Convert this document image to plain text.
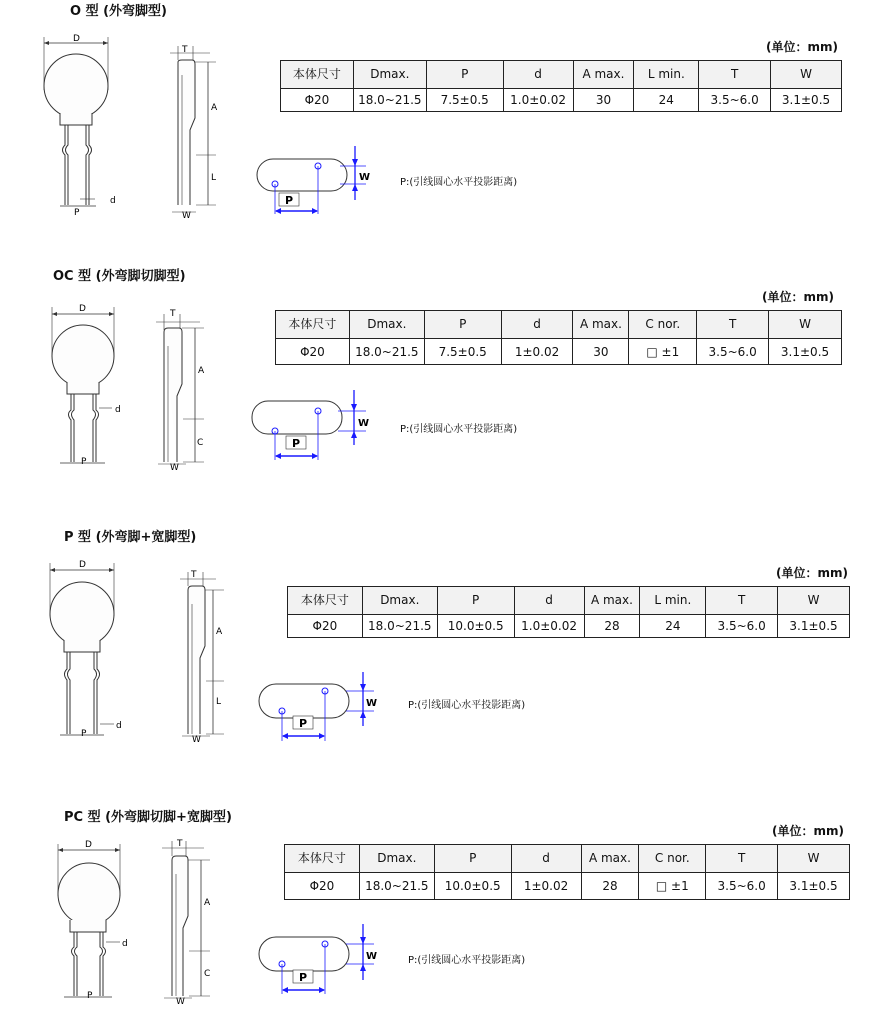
O 型 (外弯脚型)
(单位：mm)
D
P
d
T
A
L
W
P
W
本体尺寸	Dmax.	P	d	A max.	L min.	T	W
Φ20	18.0~21.5	7.5±0.5	1.0±0.02	30	24	3.5~6.0	3.1±0.5
P:(引线圆心水平投影距离)
OC 型 (外弯脚切脚型)
(单位：mm)
D
P
d
T
A
C
W
P
W
本体尺寸	Dmax.	P	d	A max.	C nor.	T	W
Φ20	18.0~21.5	7.5±0.5	1±0.02	30	□ ±1	3.5~6.0	3.1±0.5
P:(引线圆心水平投影距离)
P 型 (外弯脚+宽脚型)
(单位：mm)
D
P
d
T
A
L
W
P
W
本体尺寸	Dmax.	P	d	A max.	L min.	T	W
Φ20	18.0~21.5	10.0±0.5	1.0±0.02	28	24	3.5~6.0	3.1±0.5
P:(引线圆心水平投影距离)
PC 型 (外弯脚切脚+宽脚型)
(单位：mm)
D
P
d
T
A
C
W
P
W
本体尺寸	Dmax.	P	d	A max.	C nor.	T	W
Φ20	18.0~21.5	10.0±0.5	1±0.02	28	□ ±1	3.5~6.0	3.1±0.5
P:(引线圆心水平投影距离)
